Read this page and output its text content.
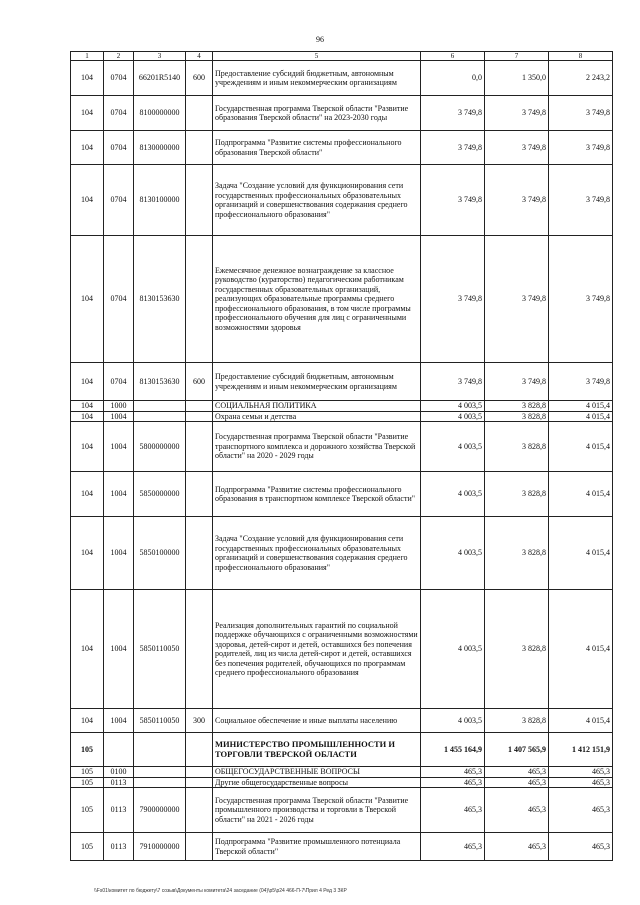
96
1	2	3	4	5	6	7	8
104	0704	66201R5140	600	Предоставление субсидий бюджетным, автономным учреждениям и иным некоммерческим организациям	0,0	1 350,0	2 243,2
104	0704	8100000000		Государственная программа Тверской области "Развитие образования Тверской области" на 2023-2030 годы	3 749,8	3 749,8	3 749,8
104	0704	8130000000		Подпрограмма "Развитие системы профессионального образования Тверской области"	3 749,8	3 749,8	3 749,8
104	0704	8130100000		Задача "Создание условий для функционирования сети государственных профессиональных образовательных организаций и совершенствования содержания среднего профессионального образования"	3 749,8	3 749,8	3 749,8
104	0704	8130153630		Ежемесячное денежное вознаграждение за классное руководство (кураторство) педагогическим работникам государственных образовательных организаций, реализующих образовательные программы среднего профессионального образования, в том числе программы профессионального обучения для лиц с ограниченными возможностями здоровья	3 749,8	3 749,8	3 749,8
104	0704	8130153630	600	Предоставление субсидий бюджетным, автономным учреждениям и иным некоммерческим организациям	3 749,8	3 749,8	3 749,8
104	1000			СОЦИАЛЬНАЯ ПОЛИТИКА	4 003,5	3 828,8	4 015,4
104	1004			Охрана семьи и детства	4 003,5	3 828,8	4 015,4
104	1004	5800000000		Государственная программа Тверской области "Развитие транспортного комплекса и дорожного хозяйства Тверской области" на 2020 - 2029 годы	4 003,5	3 828,8	4 015,4
104	1004	5850000000		Подпрограмма "Развитие системы профессионального образования в транспортном комплексе Тверской области"	4 003,5	3 828,8	4 015,4
104	1004	5850100000		Задача "Создание условий для функционирования сети государственных профессиональных образовательных организаций и совершенствования содержания среднего профессионального образования"	4 003,5	3 828,8	4 015,4
104	1004	5850110050		Реализация дополнительных гарантий по социальной поддержке обучающихся с ограниченными возможностями здоровья, детей-сирот и детей, оставшихся без попечения родителей, лиц из числа детей-сирот и детей, оставшихся без попечения родителей, обучающихся по программам среднего профессионального образования	4 003,5	3 828,8	4 015,4
104	1004	5850110050	300	Социальное обеспечение и иные выплаты населению	4 003,5	3 828,8	4 015,4
105				МИНИСТЕРСТВО ПРОМЫШЛЕННОСТИ И ТОРГОВЛИ ТВЕРСКОЙ ОБЛАСТИ	1 455 164,9	1 407 565,9	1 412 151,9
105	0100			ОБЩЕГОСУДАРСТВЕННЫЕ ВОПРОСЫ	465,3	465,3	465,3
105	0113			Другие общегосударственные вопросы	465,3	465,3	465,3
105	0113	7900000000		Государственная программа Тверской области "Развитие промышленного производства и торговли в Тверской области" на 2021 - 2026 годы	465,3	465,3	465,3
105	0113	7910000000		Подпрограмма "Развитие промышленного потенциала Тверской области"	465,3	465,3	465,3
\\Fs01\комитет по бюджету\7 созыв\Документы комитета\24 заседание (04)\р5\р24 466-П-7\Прил 4 Ред 3 ЗКР
